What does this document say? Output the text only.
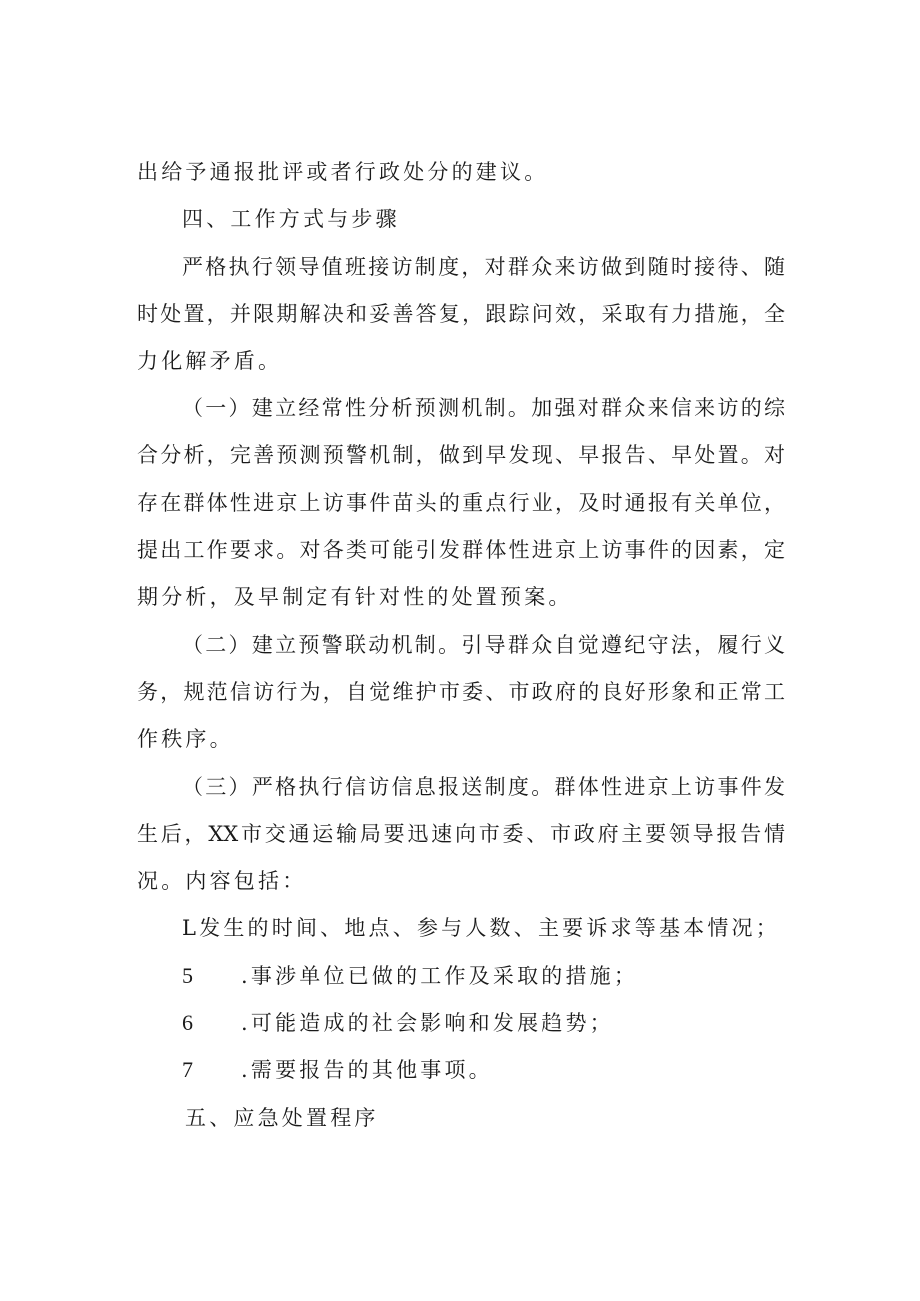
出给予通报批评或者行政处分的建议。
四、工作方式与步骤
严格执行领导值班接访制度，对群众来访做到随时接待、随
时处置，并限期解决和妥善答复，跟踪问效，采取有力措施，全
力化解矛盾。
（一）建立经常性分析预测机制。加强对群众来信来访的综
合分析，完善预测预警机制，做到早发现、早报告、早处置。对
存在群体性进京上访事件苗头的重点行业，及时通报有关单位，
提出工作要求。对各类可能引发群体性进京上访事件的因素，定
期分析，及早制定有针对性的处置预案。
（二）建立预警联动机制。引导群众自觉遵纪守法，履行义
务，规范信访行为，自觉维护市委、市政府的良好形象和正常工
作秩序。
（三）严格执行信访信息报送制度。群体性进京上访事件发
生后，XX市交通运输局要迅速向市委、市政府主要领导报告情
况。内容包括：
L发生的时间、地点、参与人数、主要诉求等基本情况；
5 .事涉单位已做的工作及采取的措施；
6 .可能造成的社会影响和发展趋势；
7 .需要报告的其他事项。
五、应急处置程序
